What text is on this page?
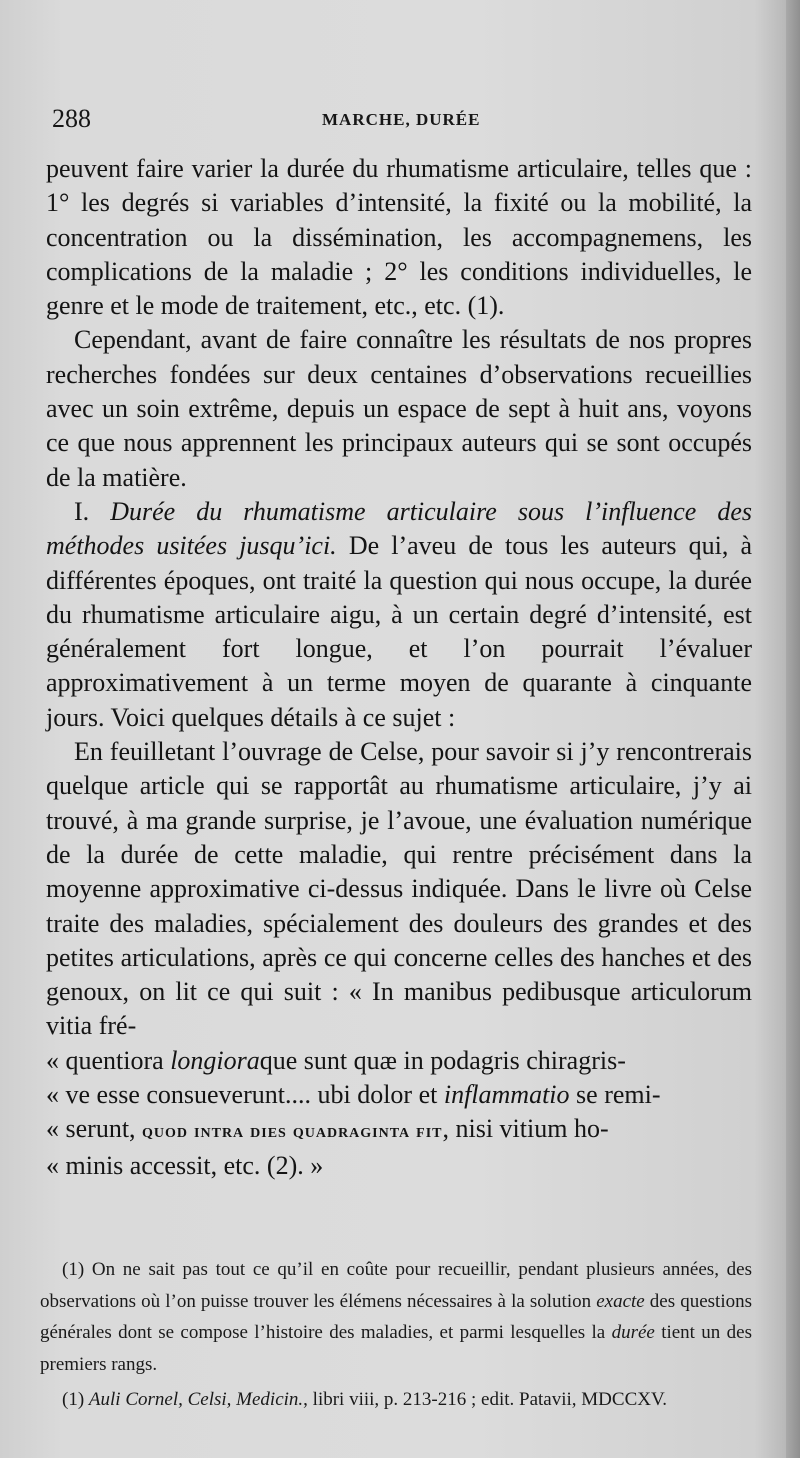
288	MARCHE, DURÉE

peuvent faire varier la durée du rhumatisme articulaire, telles que : 1° les degrés si variables d’intensité, la fixité ou la mobilité, la concentration ou la dissémination, les accompagnemens, les complications de la maladie ; 2° les conditions individuelles, le genre et le mode de traitement, etc., etc. (1).

Cependant, avant de faire connaître les résultats de nos propres recherches fondées sur deux centaines d’observations recueillies avec un soin extrême, depuis un espace de sept à huit ans, voyons ce que nous apprennent les principaux auteurs qui se sont occupés de la matière.

I. Durée du rhumatisme articulaire sous l’influence des méthodes usitées jusqu’ici. De l’aveu de tous les auteurs qui, à différentes époques, ont traité la question qui nous occupe, la durée du rhumatisme articulaire aigu, à un certain degré d’intensité, est généralement fort longue, et l’on pourrait l’évaluer approximativement à un terme moyen de quarante à cinquante jours. Voici quelques détails à ce sujet :

En feuilletant l’ouvrage de Celse, pour savoir si j’y rencontrerais quelque article qui se rapportât au rhumatisme articulaire, j’y ai trouvé, à ma grande surprise, je l’avoue, une évaluation numérique de la durée de cette maladie, qui rentre précisément dans la moyenne approximative ci-dessus indiquée. Dans le livre où Celse traite des maladies, spécialement des douleurs des grandes et des petites articulations, après ce qui concerne celles des hanches et des genoux, on lit ce qui suit : « In manibus pedibusque articulorum vitia fré-
« quentiora longioraque sunt quæ in podagris chiragris-
« ve esse consueverunt.... ubi dolor et inflammatio se remi-
« serunt, quod intra dies quadraginta fit, nisi vitium ho-
« minis accessit, etc. (2). »

(1) On ne sait pas tout ce qu’il en coûte pour recueillir, pendant plusieurs années, des observations où l’on puisse trouver les élémens nécessaires à la solution exacte des questions générales dont se compose l’histoire des maladies, et parmi lesquelles la durée tient un des premiers rangs.

(1) Auli Cornel, Celsi, Medicin., libri viii, p. 213-216 ; edit. Patavii, MDCCXV.
